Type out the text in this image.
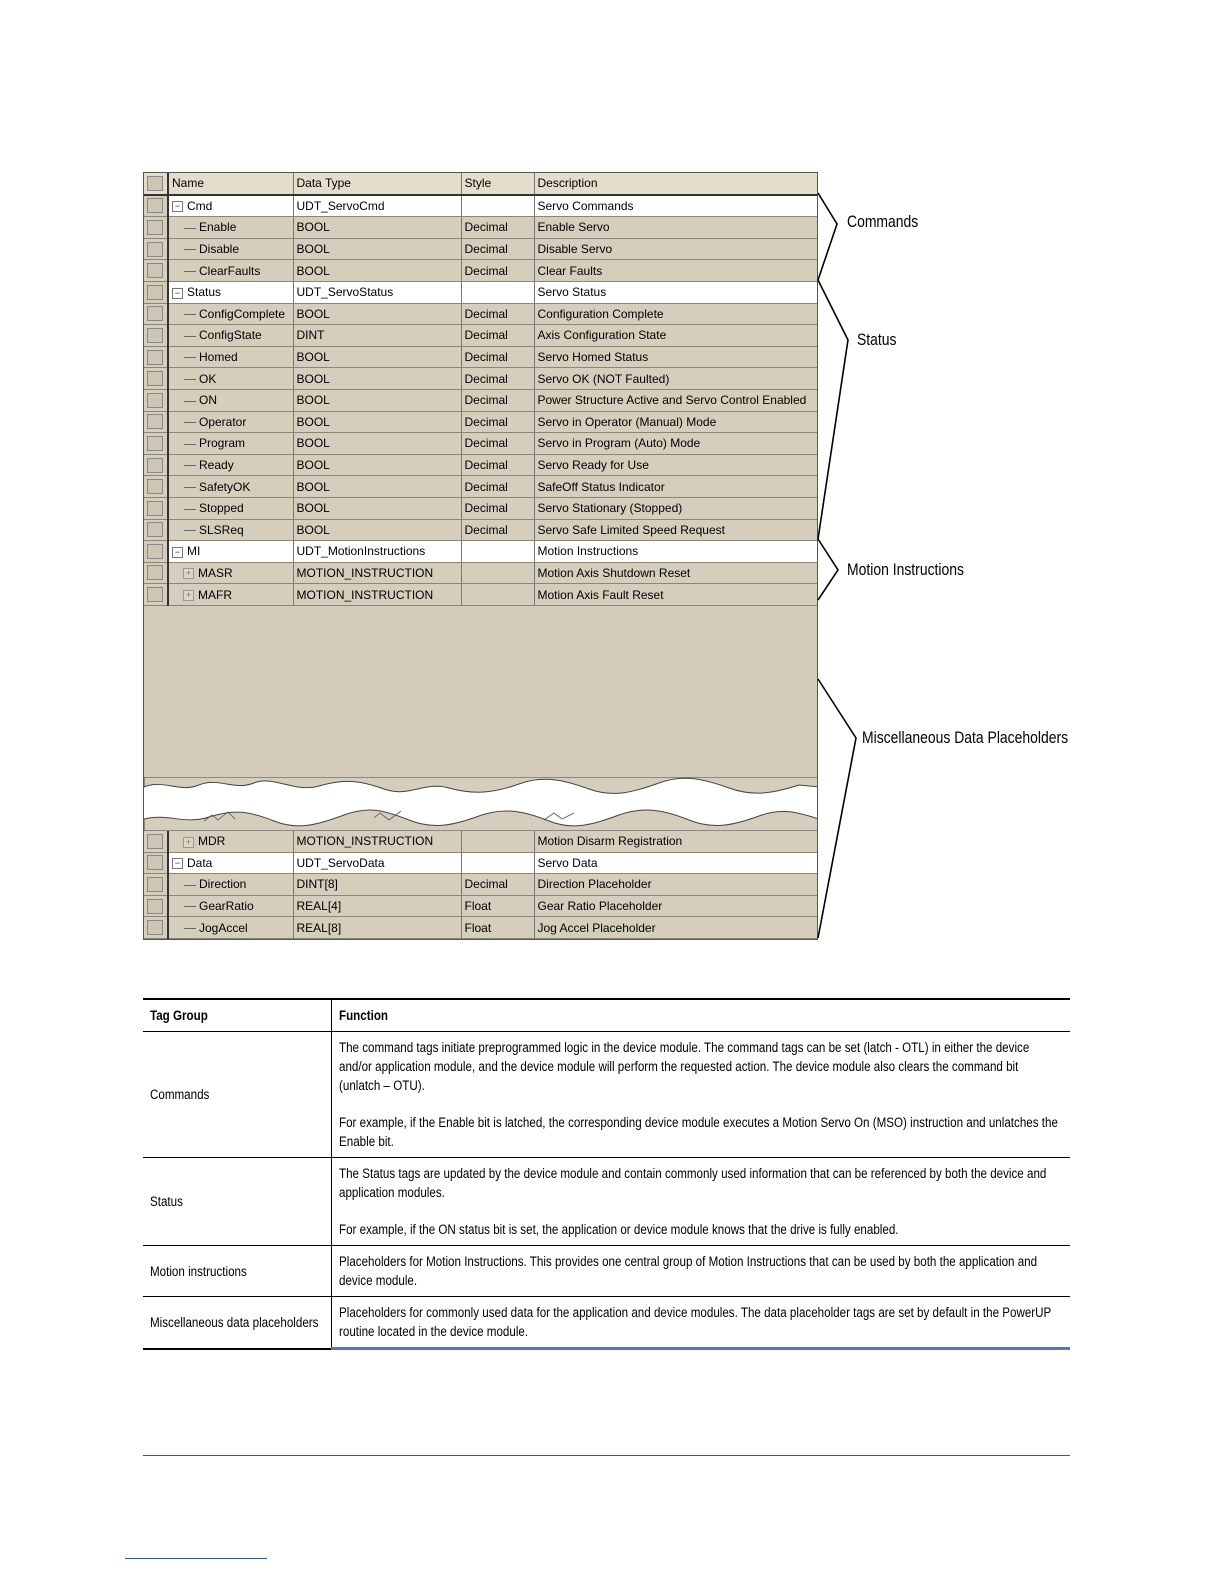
	Name	Data Type	Style	Description

	− Cmd	UDT_ServoCmd		Servo Commands

	Enable	BOOL	Decimal	Enable Servo

	Disable	BOOL	Decimal	Disable Servo

	ClearFaults	BOOL	Decimal	Clear Faults

	− Status	UDT_ServoStatus		Servo Status

	ConfigComplete	BOOL	Decimal	Configuration Complete

	ConfigState	DINT	Decimal	Axis Configuration State

	Homed	BOOL	Decimal	Servo Homed Status

	OK	BOOL	Decimal	Servo OK (NOT Faulted)

	ON	BOOL	Decimal	Power Structure Active and Servo Control Enabled

	Operator	BOOL	Decimal	Servo in Operator (Manual) Mode

	Program	BOOL	Decimal	Servo in Program (Auto) Mode

	Ready	BOOL	Decimal	Servo Ready for Use

	SafetyOK	BOOL	Decimal	SafeOff Status Indicator

	Stopped	BOOL	Decimal	Servo Stationary (Stopped)

	SLSReq	BOOL	Decimal	Servo Safe Limited Speed Request

	− MI	UDT_MotionInstructions		Motion Instructions

	+ MASR	MOTION_INSTRUCTION		Motion Axis Shutdown Reset

	+ MAFR	MOTION_INSTRUCTION		Motion Axis Fault Reset
	+ MDR	MOTION_INSTRUCTION		Motion Disarm Registration

	− Data	UDT_ServoData		Servo Data

	Direction	DINT[8]	Decimal	Direction Placeholder

	GearRatio	REAL[4]	Float	Gear Ratio Placeholder

	JogAccel	REAL[8]	Float	Jog Accel Placeholder

Commands
Status
Motion Instructions
Miscellaneous Data Placeholders
Tag Group	Function
Commands	The command tags initiate preprogrammed logic in the device module. The command tags can be set (latch - OTL) in either the device and/or application module, and the device module will perform the requested action. The device module also clears the command bit (unlatch – OTU).
For example, if the Enable bit is latched, the corresponding device module executes a Motion Servo On (MSO) instruction and unlatches the Enable bit.

Status	The Status tags are updated by the device module and contain commonly used information that can be referenced by both the device and application modules.
For example, if the ON status bit is set, the application or device module knows that the drive is fully enabled.

Motion instructions	Placeholders for Motion Instructions. This provides one central group of Motion Instructions that can be used by both the application and device module.

Miscellaneous data placeholders	Placeholders for commonly used data for the application and device modules. The data placeholder tags are set by default in the PowerUP routine located in the device module.
